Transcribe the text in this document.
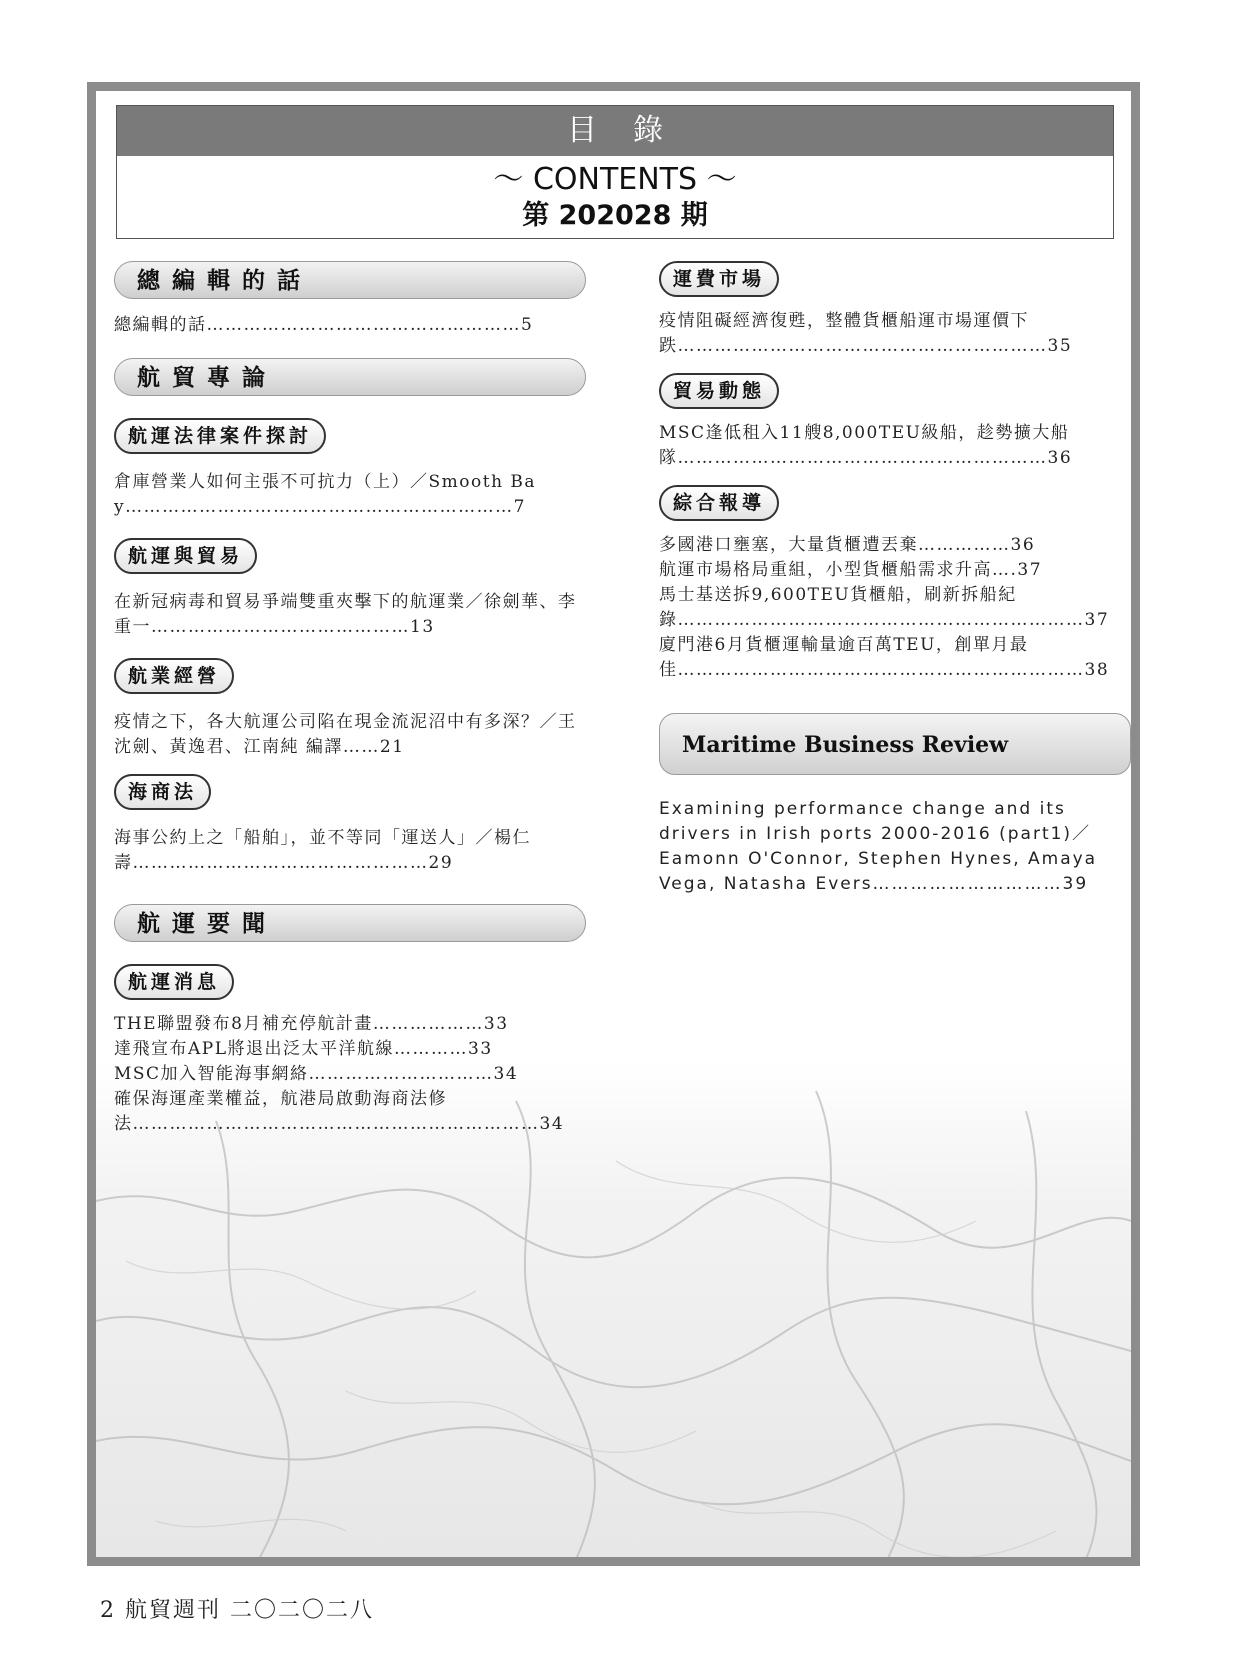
目錄
～ CONTENTS ～
第 202028 期
總編輯的話
總編輯的話……………………………………………5
航貿專論
航運法律案件探討
倉庫營業人如何主張不可抗力（上）／Smooth Bay………………………………………………………7
航運與貿易
在新冠病毒和貿易爭端雙重夾擊下的航運業／徐劍華、李重一……………………………………13
航業經營
疫情之下，各大航運公司陷在現金流泥沼中有多深？／王沈劍、黃逸君、江南純 編譯……21
海商法
海事公約上之「船舶」，並不等同「運送人」／楊仁壽…………………………………………29
航運要聞
航運消息
THE聯盟發布8月補充停航計畫………………33
達飛宣布APL將退出泛太平洋航線…………33
MSC加入智能海事網絡…………………………34
確保海運產業權益，航港局啟動海商法修法…………………………………………………………34
運費市場
疫情阻礙經濟復甦，整體貨櫃船運市場運價下跌……………………………………………………35
貿易動態
MSC逢低租入11艘8,000TEU級船，趁勢擴大船隊……………………………………………………36
綜合報導
多國港口壅塞，大量貨櫃遭丟棄……………36
航運市場格局重組，小型貨櫃船需求升高….37
馬士基送拆9,600TEU貨櫃船，刷新拆船紀錄…………………………………………………………37
廈門港6月貨櫃運輸量逾百萬TEU，創單月最佳…………………………………………………………38
Maritime Business Review
Examining performance change and its drivers in Irish ports 2000-2016 (part1)／Eamonn O'Connor, Stephen Hynes, Amaya Vega, Natasha Evers…………………………39
2 航貿週刊 二〇二〇二八
